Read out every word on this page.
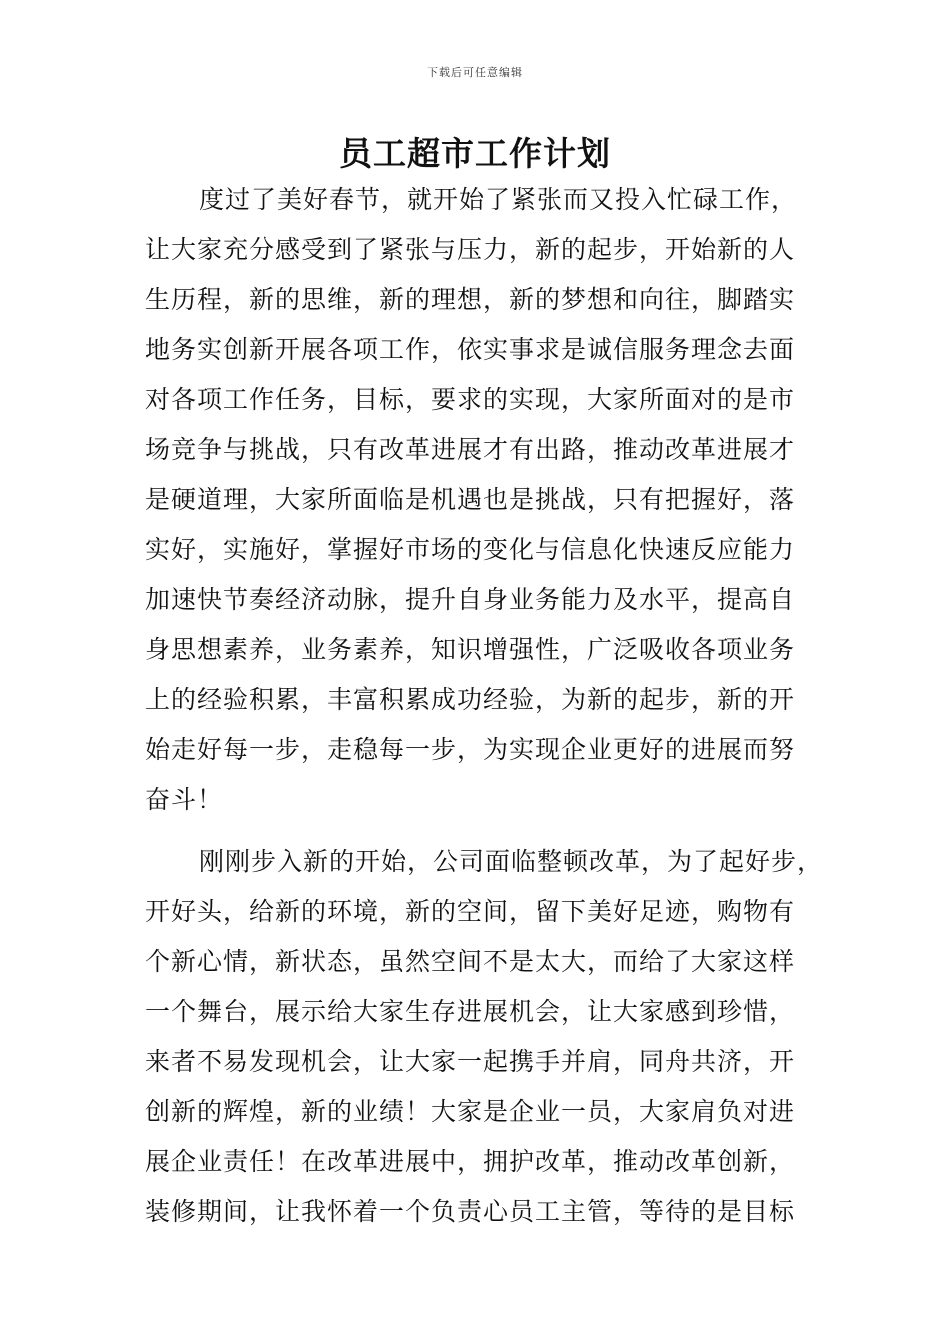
下载后可任意编辑
员工超市工作计划
度过了美好春节，就开始了紧张而又投入忙碌工作，
让大家充分感受到了紧张与压力，新的起步，开始新的人
生历程，新的思维，新的理想，新的梦想和向往，脚踏实
地务实创新开展各项工作，依实事求是诚信服务理念去面
对各项工作任务，目标，要求的实现，大家所面对的是市
场竞争与挑战，只有改革进展才有出路，推动改革进展才
是硬道理，大家所面临是机遇也是挑战，只有把握好，落
实好，实施好，掌握好市场的变化与信息化快速反应能力
加速快节奏经济动脉，提升自身业务能力及水平，提高自
身思想素养，业务素养，知识增强性，广泛吸收各项业务
上的经验积累，丰富积累成功经验，为新的起步，新的开
始走好每一步，走稳每一步，为实现企业更好的进展而努
奋斗！
刚刚步入新的开始，公司面临整顿改革，为了起好步，
开好头，给新的环境，新的空间，留下美好足迹，购物有
个新心情，新状态，虽然空间不是太大，而给了大家这样
一个舞台，展示给大家生存进展机会，让大家感到珍惜，
来者不易发现机会，让大家一起携手并肩，同舟共济，开
创新的辉煌，新的业绩！大家是企业一员，大家肩负对进
展企业责任！在改革进展中，拥护改革，推动改革创新，
装修期间，让我怀着一个负责心员工主管，等待的是目标
